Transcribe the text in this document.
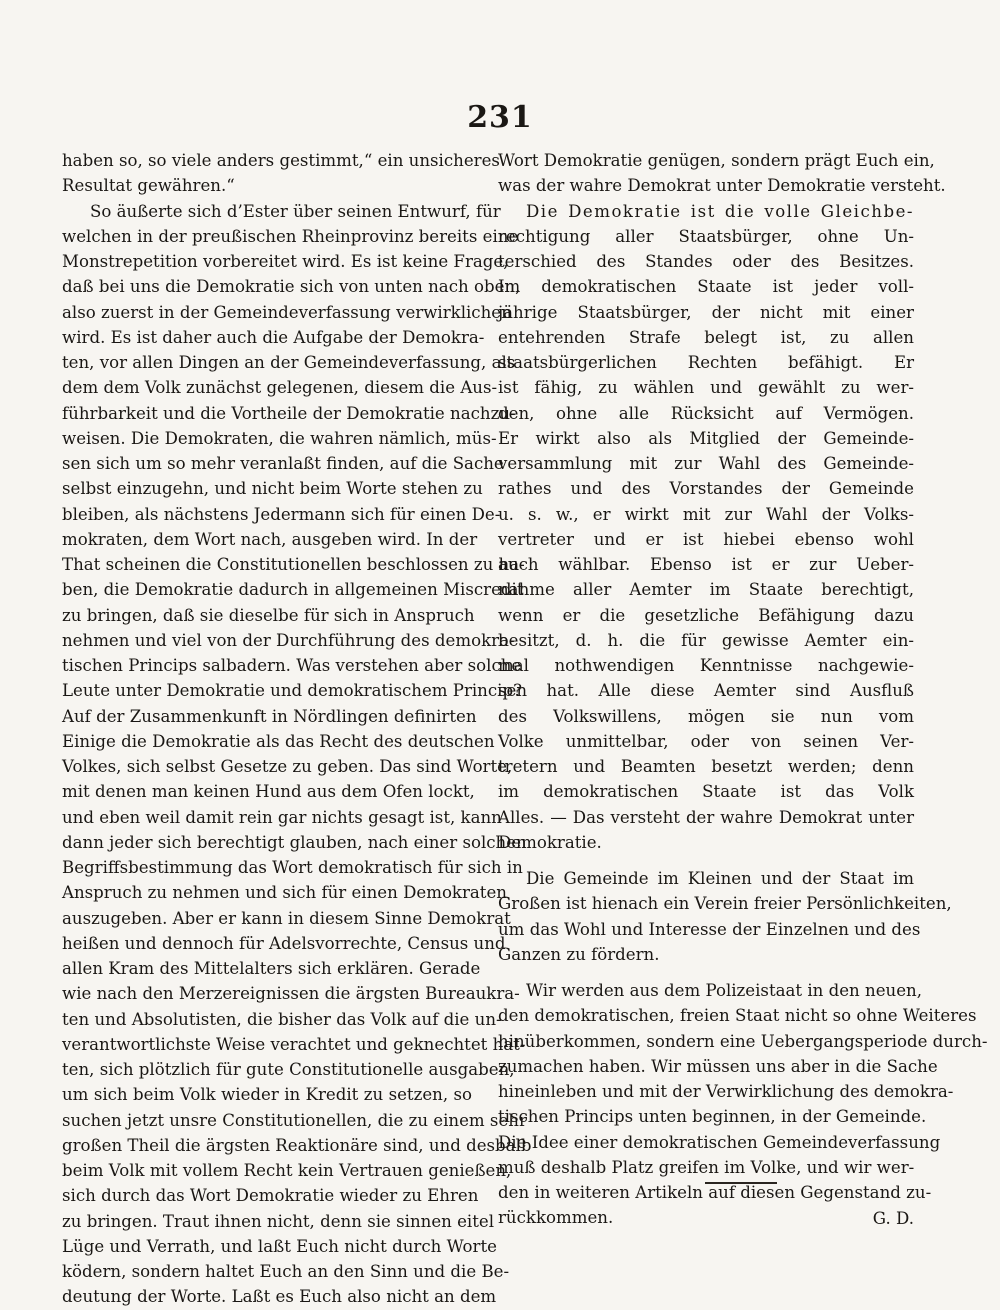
231

haben so, so viele anders gestimmt,“ ein unsicheres

Resultat gewähren.“

So äußerte sich d’Ester über seinen Entwurf, für

welchen in der preußischen Rheinprovinz bereits eine

Monstrepetition vorbereitet wird. Es ist keine Frage,

daß bei uns die Demokratie sich von unten nach oben,

also zuerst in der Gemeindeverfassung verwirklichen

wird. Es ist daher auch die Aufgabe der Demokra-

ten, vor allen Dingen an der Gemeindeverfassung, als

dem dem Volk zunächst gelegenen, diesem die Aus-

führbarkeit und die Vortheile der Demokratie nachzu-

weisen. Die Demokraten, die wahren nämlich, müs-

sen sich um so mehr veranlaßt finden, auf die Sache

selbst einzugehn, und nicht beim Worte stehen zu

bleiben, als nächstens Jedermann sich für einen De-

mokraten, dem Wort nach, ausgeben wird. In der

That scheinen die Constitutionellen beschlossen zu ha-

ben, die Demokratie dadurch in allgemeinen Miscredit

zu bringen, daß sie dieselbe für sich in Anspruch

nehmen und viel von der Durchführung des demokra-

tischen Princips salbadern. Was verstehen aber solche

Leute unter Demokratie und demokratischem Princip?

Auf der Zusammenkunft in Nördlingen definirten

Einige die Demokratie als das Recht des deutschen

Volkes, sich selbst Gesetze zu geben. Das sind Worte,

mit denen man keinen Hund aus dem Ofen lockt,

und eben weil damit rein gar nichts gesagt ist, kann

dann jeder sich berechtigt glauben, nach einer solchen

Begriffsbestimmung das Wort demokratisch für sich in

Anspruch zu nehmen und sich für einen Demokraten

auszugeben. Aber er kann in diesem Sinne Demokrat

heißen und dennoch für Adelsvorrechte, Census und

allen Kram des Mittelalters sich erklären. Gerade

wie nach den Merzereignissen die ärgsten Bureaukra-

ten und Absolutisten, die bisher das Volk auf die un-

verantwortlichste Weise verachtet und geknechtet hat-

ten, sich plötzlich für gute Constitutionelle ausgaben,

um sich beim Volk wieder in Kredit zu setzen, so

suchen jetzt unsre Constitutionellen, die zu einem sehr

großen Theil die ärgsten Reaktionäre sind, und desbalb

beim Volk mit vollem Recht kein Vertrauen genießen,

sich durch das Wort Demokratie wieder zu Ehren

zu bringen. Traut ihnen nicht, denn sie sinnen eitel

Lüge und Verrath, und laßt Euch nicht durch Worte

ködern, sondern haltet Euch an den Sinn und die Be-

deutung der Worte. Laßt es Euch also nicht an dem

Wort Demokratie genügen, sondern prägt Euch ein,

was der wahre Demokrat unter Demokratie versteht.

Die Demokratie ist die volle Gleichbe-

rechtigung aller Staatsbürger, ohne Un-

terschied des Standes oder des Besitzes.

Im demokratischen Staate ist jeder voll-

jährige Staatsbürger, der nicht mit einer

entehrenden Strafe belegt ist, zu allen

staatsbürgerlichen Rechten befähigt. Er

ist fähig, zu wählen und gewählt zu wer-

den, ohne alle Rücksicht auf Vermögen.

Er wirkt also als Mitglied der Gemeinde-

versammlung mit zur Wahl des Gemeinde-

rathes und des Vorstandes der Gemeinde

u. s. w., er wirkt mit zur Wahl der Volks-

vertreter und er ist hiebei ebenso wohl

auch wählbar. Ebenso ist er zur Ueber-

nahme aller Aemter im Staate berechtigt,

wenn er die gesetzliche Befähigung dazu

besitzt, d. h. die für gewisse Aemter ein-

mal nothwendigen Kenntnisse nachgewie-

sen hat. Alle diese Aemter sind Ausfluß

des Volkswillens, mögen sie nun vom

Volke unmittelbar, oder von seinen Ver-

tretern und Beamten besetzt werden; denn

im demokratischen Staate ist das Volk

Alles. — Das versteht der wahre Demokrat unter

Demokratie.

Die Gemeinde im Kleinen und der Staat im

Großen ist hienach ein Verein freier Persönlichkeiten,

um das Wohl und Interesse der Einzelnen und des

Ganzen zu fördern.

Wir werden aus dem Polizeistaat in den neuen,

den demokratischen, freien Staat nicht so ohne Weiteres

hinüberkommen, sondern eine Uebergangsperiode durch-

zumachen haben. Wir müssen uns aber in die Sache

hineinleben und mit der Verwirklichung des demokra-

tischen Princips unten beginnen, in der Gemeinde.

Die Idee einer demokratischen Gemeindeverfassung

muß deshalb Platz greifen im Volke, und wir wer-

den in weiteren Artikeln auf diesen Gegenstand zu-

rückkommen.	G. D.
